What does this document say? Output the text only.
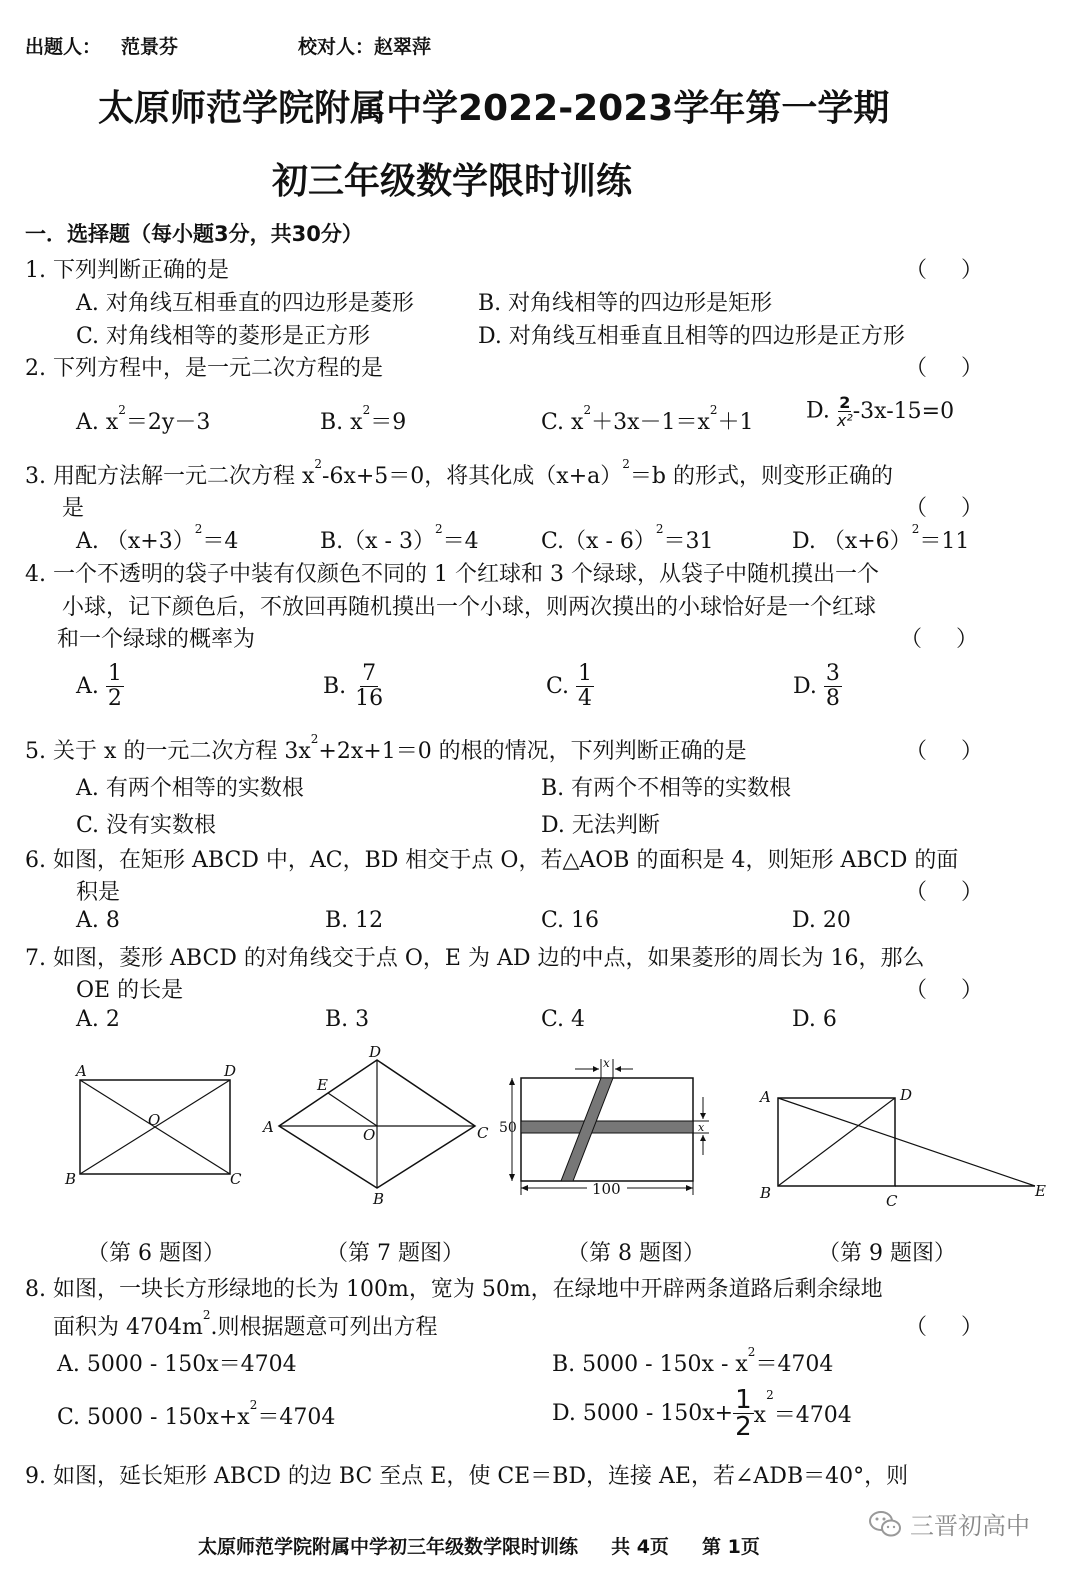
出题人： 范景芬	校对人：赵翠萍
太原师范学院附属中学2022-2023学年第一学期
初三年级数学限时训练
一．选择题（每小题3分，共30分）
1. 下列判断正确的是	（）
A. 对角线互相垂直的四边形是菱形	B. 对角线相等的四边形是矩形
C. 对角线相等的菱形是正方形	D. 对角线互相垂直且相等的四边形是正方形
2. 下列方程中，是一元二次方程的是	（）
A. $x^2=2y-3$	B. $x^2=9$	C. $x^2+3x-1=x^2+1$ D. $\frac{2}{\text{x²}} -3x-15=0$
3. 用配方法解一元二次方程 $x^2-6x+5=0$，将其化成$(x+a)^2=b$ 的形式，则变形正确的
是	（）
A. $(x+3)^2=4$	B.（x - 3）$^2$＝4	C.（x - 6）$^2$＝31	D. $(x+6)^2=11$
4. 一个不透明的袋子中装有仅颜色不同的 1 个红球和 3 个绿球，从袋子中随机摸出一个
小球，记下颜色后，不放回再随机摸出一个小球，则两次摸出的小球恰好是一个红球
和一个绿球的概率为	（）
A. $\frac{1}{2}$	B. $\frac{7}{16}$	C. $\frac{1}{4}$	D. $\frac{3}{8}$
5. 关于 x 的一元二次方程 $3x^2+2x+1=0$ 的根的情况，下列判断正确的是	（）
A. 有两个相等的实数根	B. 有两个不相等的实数根
C. 没有实数根	D. 无法判断
6. 如图，在矩形 ABCD 中，AC，BD 相交于点 O，若△AOB 的面积是 4，则矩形 ABCD 的面
积是	（）
A. 8	B. 12	C. 16	D. 20
7. 如图，菱形 ABCD 的对角线交于点 O，E 为 AD 边的中点，如果菱形的周长为 16，那么
OE 的长是	（）
A. 2	B. 3	C. 4	D. 6
A	D
B	C
O
D
E
A	C
O
B
x
x
50
100
A	D
B	C
E
（第 6 题图）	（第 7 题图）	（第 8 题图）	（第 9 题图）
8. 如图，一块长方形绿地的长为 100m，宽为 50m，在绿地中开辟两条道路后剩余绿地
面积为 $4704m^2$.则根据题意可列出方程	（）
A. 5000 - 150x＝4704	B. $5000 - 150x - x^2=4704$
C. $5000 - 150x+x^2=4704$	D. $5000 - 150x+ \frac{1}{2} x^2=4704$
9. 如图，延长矩形 ABCD 的边 BC 至点 E，使 CE＝BD，连接 AE，若∠ADB＝40°，则
太原师范学院附属中学初三年级数学限时训练     共 4页     第 1页
三晋初高中
